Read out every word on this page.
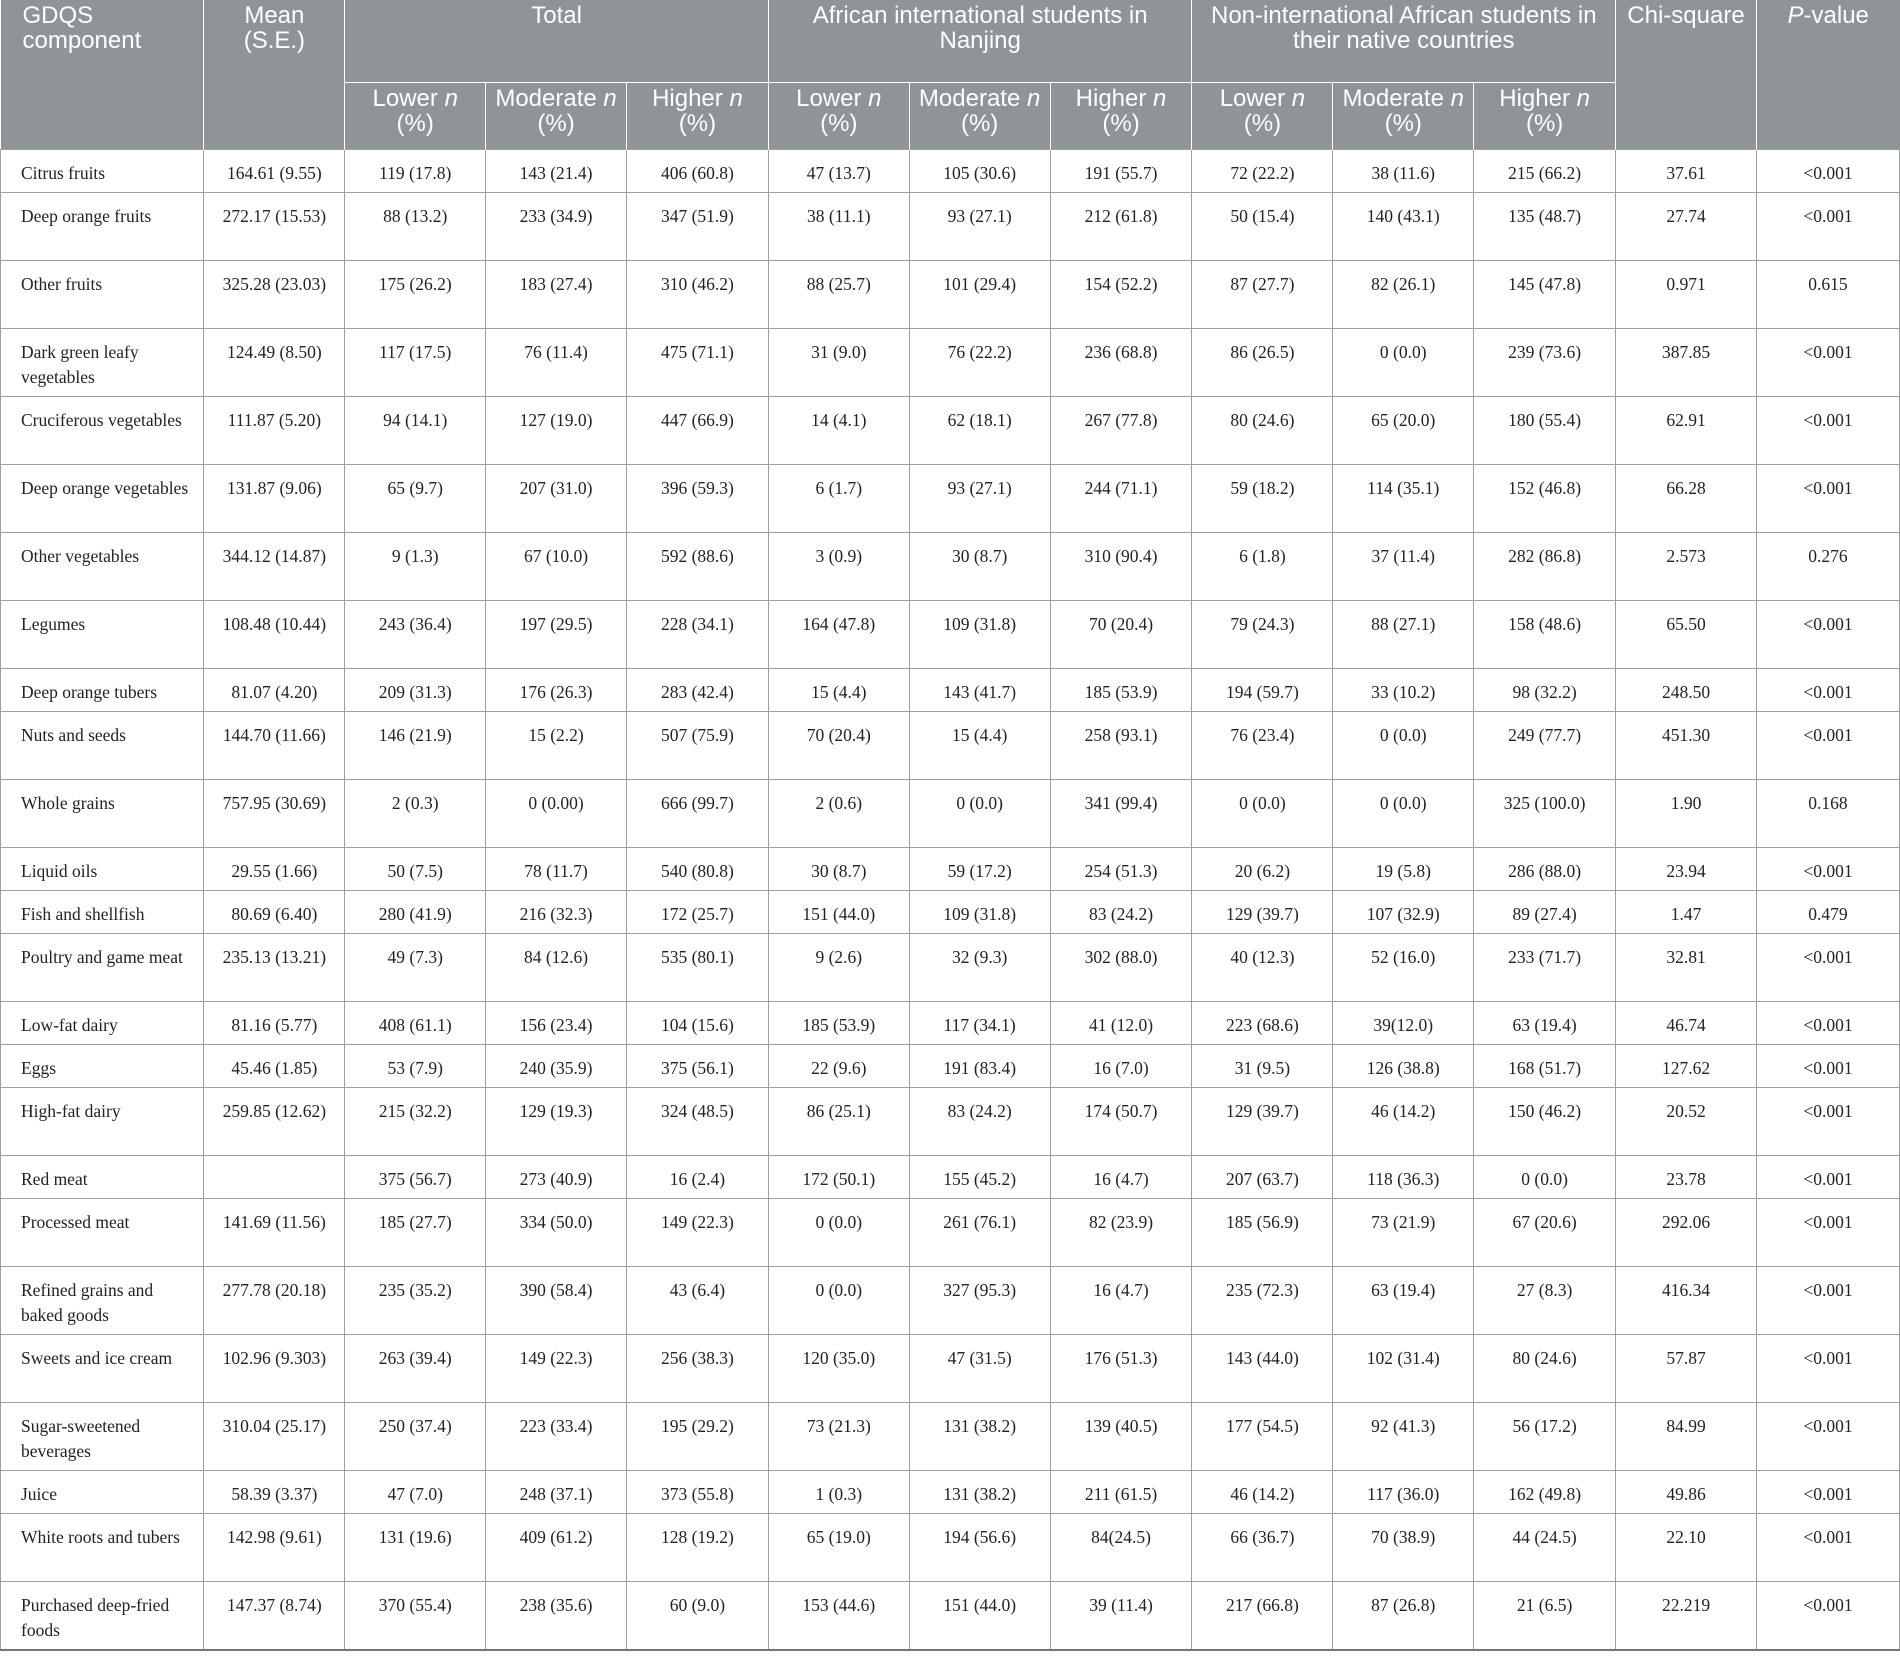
GDQS component	Mean (S.E.)	Total			African international students in Nanjing			Non-international African students in their native countries			Chi-square	P-value
		Lower n (%)	Moderate n (%)	Higher n (%)	Lower n (%)	Moderate n (%)	Higher n (%)	Lower n (%)	Moderate n (%)	Higher n (%)		
Citrus fruits	164.61 (9.55)	119 (17.8)	143 (21.4)	406 (60.8)	47 (13.7)	105 (30.6)	191 (55.7)	72 (22.2)	38 (11.6)	215 (66.2)	37.61	<0.001
Deep orange fruits	272.17 (15.53)	88 (13.2)	233 (34.9)	347 (51.9)	38 (11.1)	93 (27.1)	212 (61.8)	50 (15.4)	140 (43.1)	135 (48.7)	27.74	<0.001
Other fruits	325.28 (23.03)	175 (26.2)	183 (27.4)	310 (46.2)	88 (25.7)	101 (29.4)	154 (52.2)	87 (27.7)	82 (26.1)	145 (47.8)	0.971	0.615
Dark green leafy vegetables	124.49 (8.50)	117 (17.5)	76 (11.4)	475 (71.1)	31 (9.0)	76 (22.2)	236 (68.8)	86 (26.5)	0 (0.0)	239 (73.6)	387.85	<0.001
Cruciferous vegetables	111.87 (5.20)	94 (14.1)	127 (19.0)	447 (66.9)	14 (4.1)	62 (18.1)	267 (77.8)	80 (24.6)	65 (20.0)	180 (55.4)	62.91	<0.001
Deep orange vegetables	131.87 (9.06)	65 (9.7)	207 (31.0)	396 (59.3)	6 (1.7)	93 (27.1)	244 (71.1)	59 (18.2)	114 (35.1)	152 (46.8)	66.28	<0.001
Other vegetables	344.12 (14.87)	9 (1.3)	67 (10.0)	592 (88.6)	3 (0.9)	30 (8.7)	310 (90.4)	6 (1.8)	37 (11.4)	282 (86.8)	2.573	0.276
Legumes	108.48 (10.44)	243 (36.4)	197 (29.5)	228 (34.1)	164 (47.8)	109 (31.8)	70 (20.4)	79 (24.3)	88 (27.1)	158 (48.6)	65.50	<0.001
Deep orange tubers	81.07 (4.20)	209 (31.3)	176 (26.3)	283 (42.4)	15 (4.4)	143 (41.7)	185 (53.9)	194 (59.7)	33 (10.2)	98 (32.2)	248.50	<0.001
Nuts and seeds	144.70 (11.66)	146 (21.9)	15 (2.2)	507 (75.9)	70 (20.4)	15 (4.4)	258 (93.1)	76 (23.4)	0 (0.0)	249 (77.7)	451.30	<0.001
Whole grains	757.95 (30.69)	2 (0.3)	0 (0.00)	666 (99.7)	2 (0.6)	0 (0.0)	341 (99.4)	0 (0.0)	0 (0.0)	325 (100.0)	1.90	0.168
Liquid oils	29.55 (1.66)	50 (7.5)	78 (11.7)	540 (80.8)	30 (8.7)	59 (17.2)	254 (51.3)	20 (6.2)	19 (5.8)	286 (88.0)	23.94	<0.001
Fish and shellfish	80.69 (6.40)	280 (41.9)	216 (32.3)	172 (25.7)	151 (44.0)	109 (31.8)	83 (24.2)	129 (39.7)	107 (32.9)	89 (27.4)	1.47	0.479
Poultry and game meat	235.13 (13.21)	49 (7.3)	84 (12.6)	535 (80.1)	9 (2.6)	32 (9.3)	302 (88.0)	40 (12.3)	52 (16.0)	233 (71.7)	32.81	<0.001
Low-fat dairy	81.16 (5.77)	408 (61.1)	156 (23.4)	104 (15.6)	185 (53.9)	117 (34.1)	41 (12.0)	223 (68.6)	39(12.0)	63 (19.4)	46.74	<0.001
Eggs	45.46 (1.85)	53 (7.9)	240 (35.9)	375 (56.1)	22 (9.6)	191 (83.4)	16 (7.0)	31 (9.5)	126 (38.8)	168 (51.7)	127.62	<0.001
High-fat dairy	259.85 (12.62)	215 (32.2)	129 (19.3)	324 (48.5)	86 (25.1)	83 (24.2)	174 (50.7)	129 (39.7)	46 (14.2)	150 (46.2)	20.52	<0.001
Red meat		375 (56.7)	273 (40.9)	16 (2.4)	172 (50.1)	155 (45.2)	16 (4.7)	207 (63.7)	118 (36.3)	0 (0.0)	23.78	<0.001
Processed meat	141.69 (11.56)	185 (27.7)	334 (50.0)	149 (22.3)	0 (0.0)	261 (76.1)	82 (23.9)	185 (56.9)	73 (21.9)	67 (20.6)	292.06	<0.001
Refined grains and baked goods	277.78 (20.18)	235 (35.2)	390 (58.4)	43 (6.4)	0 (0.0)	327 (95.3)	16 (4.7)	235 (72.3)	63 (19.4)	27 (8.3)	416.34	<0.001
Sweets and ice cream	102.96 (9.303)	263 (39.4)	149 (22.3)	256 (38.3)	120 (35.0)	47 (31.5)	176 (51.3)	143 (44.0)	102 (31.4)	80 (24.6)	57.87	<0.001
Sugar-sweetened beverages	310.04 (25.17)	250 (37.4)	223 (33.4)	195 (29.2)	73 (21.3)	131 (38.2)	139 (40.5)	177 (54.5)	92 (41.3)	56 (17.2)	84.99	<0.001
Juice	58.39 (3.37)	47 (7.0)	248 (37.1)	373 (55.8)	1 (0.3)	131 (38.2)	211 (61.5)	46 (14.2)	117 (36.0)	162 (49.8)	49.86	<0.001
White roots and tubers	142.98 (9.61)	131 (19.6)	409 (61.2)	128 (19.2)	65 (19.0)	194 (56.6)	84(24.5)	66 (36.7)	70 (38.9)	44 (24.5)	22.10	<0.001
Purchased deep-fried foods	147.37 (8.74)	370 (55.4)	238 (35.6)	60 (9.0)	153 (44.6)	151 (44.0)	39 (11.4)	217 (66.8)	87 (26.8)	21 (6.5)	22.219	<0.001
